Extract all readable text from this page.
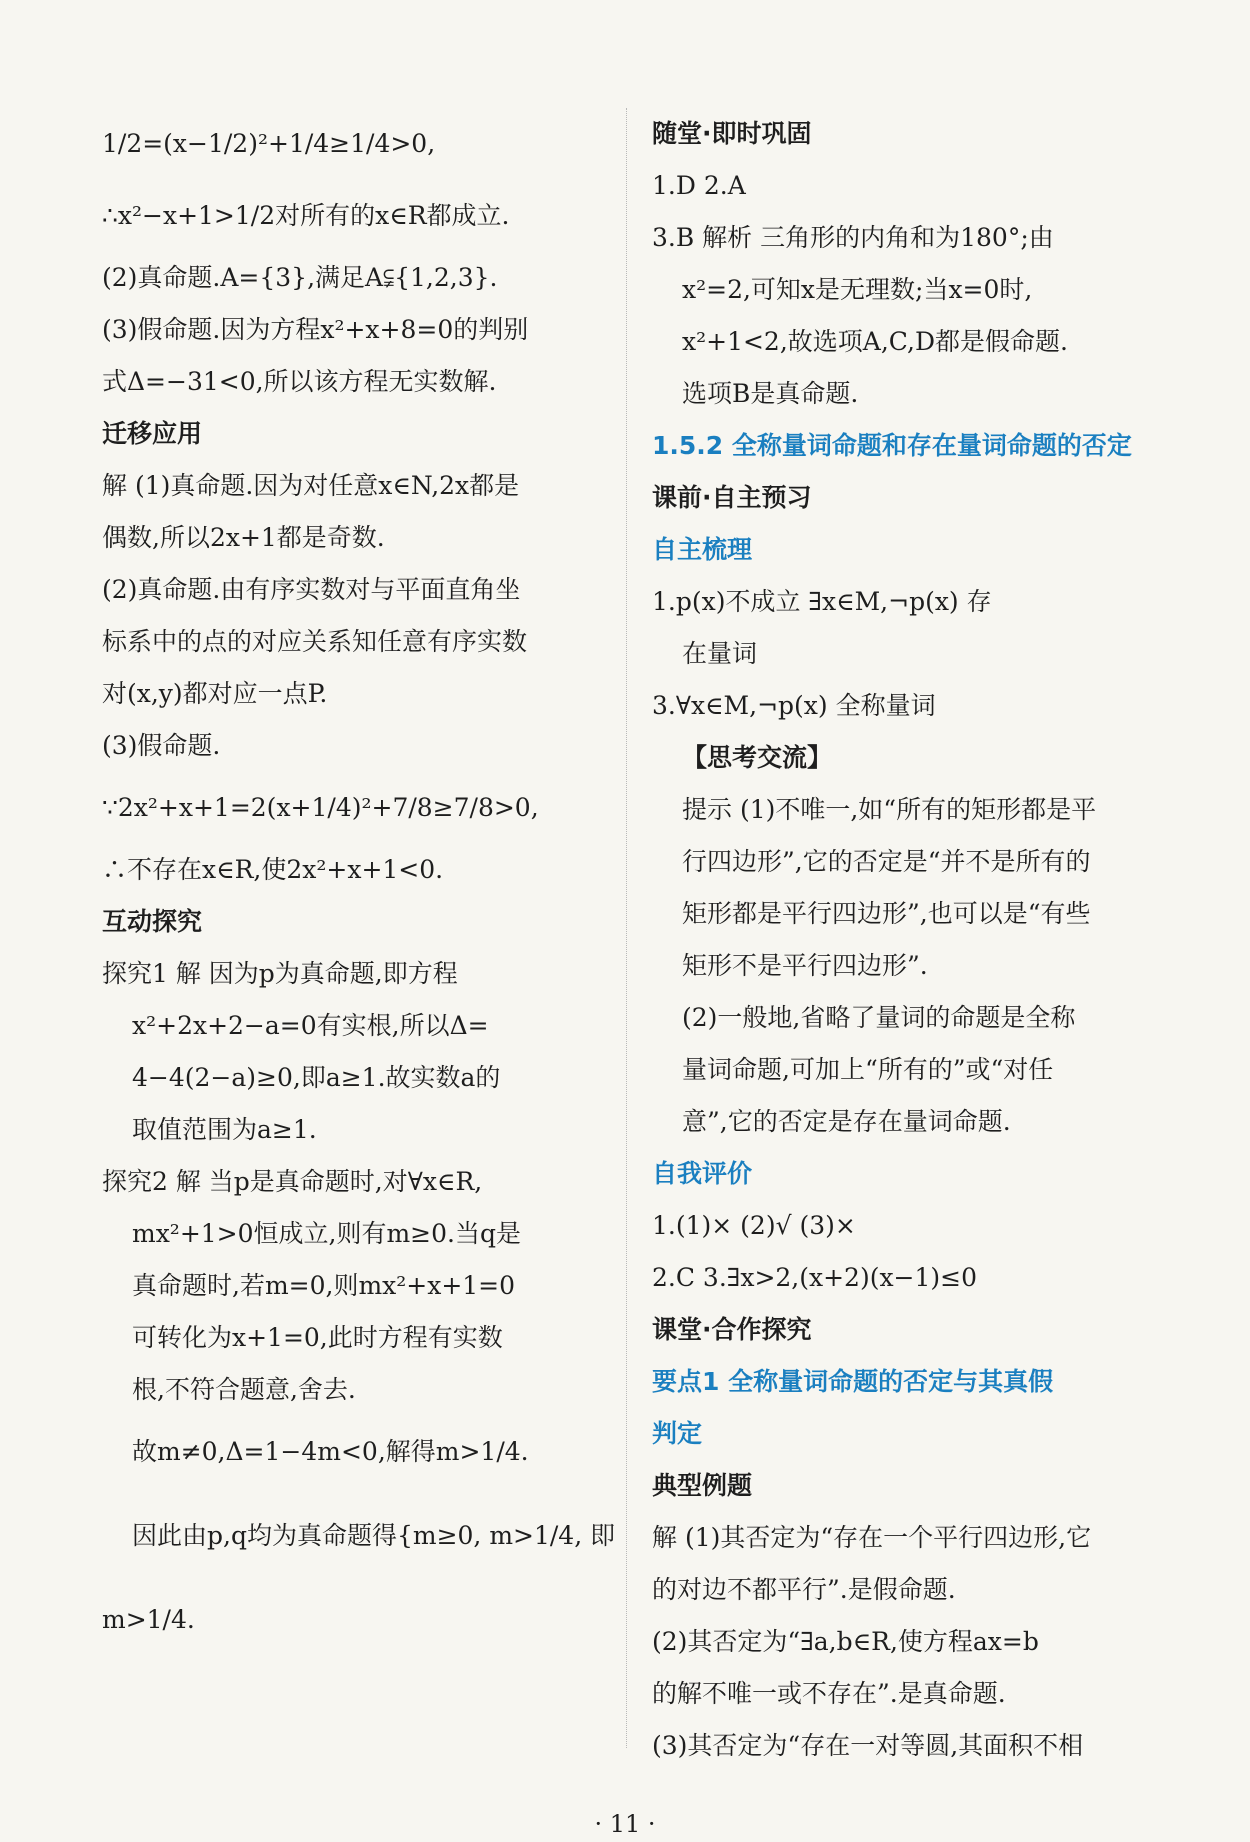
1/2=(x−1/2)²+1/4≥1/4>0,
∴x²−x+1>1/2对所有的x∈R都成立.
(2)真命题.A={3},满足A⫋{1,2,3}.
(3)假命题.因为方程x²+x+8=0的判别
式Δ=−31<0,所以该方程无实数解.
迁移应用
解 (1)真命题.因为对任意x∈N,2x都是
偶数,所以2x+1都是奇数.
(2)真命题.由有序实数对与平面直角坐
标系中的点的对应关系知任意有序实数
对(x,y)都对应一点P.
(3)假命题.
∵2x²+x+1=2(x+1/4)²+7/8≥7/8>0,
∴不存在x∈R,使2x²+x+1<0.
互动探究
探究1 解 因为p为真命题,即方程
x²+2x+2−a=0有实根,所以Δ=
4−4(2−a)≥0,即a≥1.故实数a的
取值范围为a≥1.
探究2 解 当p是真命题时,对∀x∈R,
mx²+1>0恒成立,则有m≥0.当q是
真命题时,若m=0,则mx²+x+1=0
可转化为x+1=0,此时方程有实数
根,不符合题意,舍去.
故m≠0,Δ=1−4m<0,解得m>1/4.
因此由p,q均为真命题得{m≥0, m>1/4, 即
m>1/4.
随堂·即时巩固
1.D 2.A
3.B 解析 三角形的内角和为180°;由
x²=2,可知x是无理数;当x=0时,
x²+1<2,故选项A,C,D都是假命题.
选项B是真命题.
1.5.2 全称量词命题和存在量词命题的否定
课前·自主预习
自主梳理
1.p(x)不成立 ∃x∈M,¬p(x) 存
在量词
3.∀x∈M,¬p(x) 全称量词
【思考交流】
提示 (1)不唯一,如“所有的矩形都是平
行四边形”,它的否定是“并不是所有的
矩形都是平行四边形”,也可以是“有些
矩形不是平行四边形”.
(2)一般地,省略了量词的命题是全称
量词命题,可加上“所有的”或“对任
意”,它的否定是存在量词命题.
自我评价
1.(1)× (2)√ (3)×
2.C 3.∃x>2,(x+2)(x−1)≤0
课堂·合作探究
要点1 全称量词命题的否定与其真假
判定
典型例题
解 (1)其否定为“存在一个平行四边形,它
的对边不都平行”.是假命题.
(2)其否定为“∃a,b∈R,使方程ax=b
的解不唯一或不存在”.是真命题.
(3)其否定为“存在一对等圆,其面积不相
· 11 ·
